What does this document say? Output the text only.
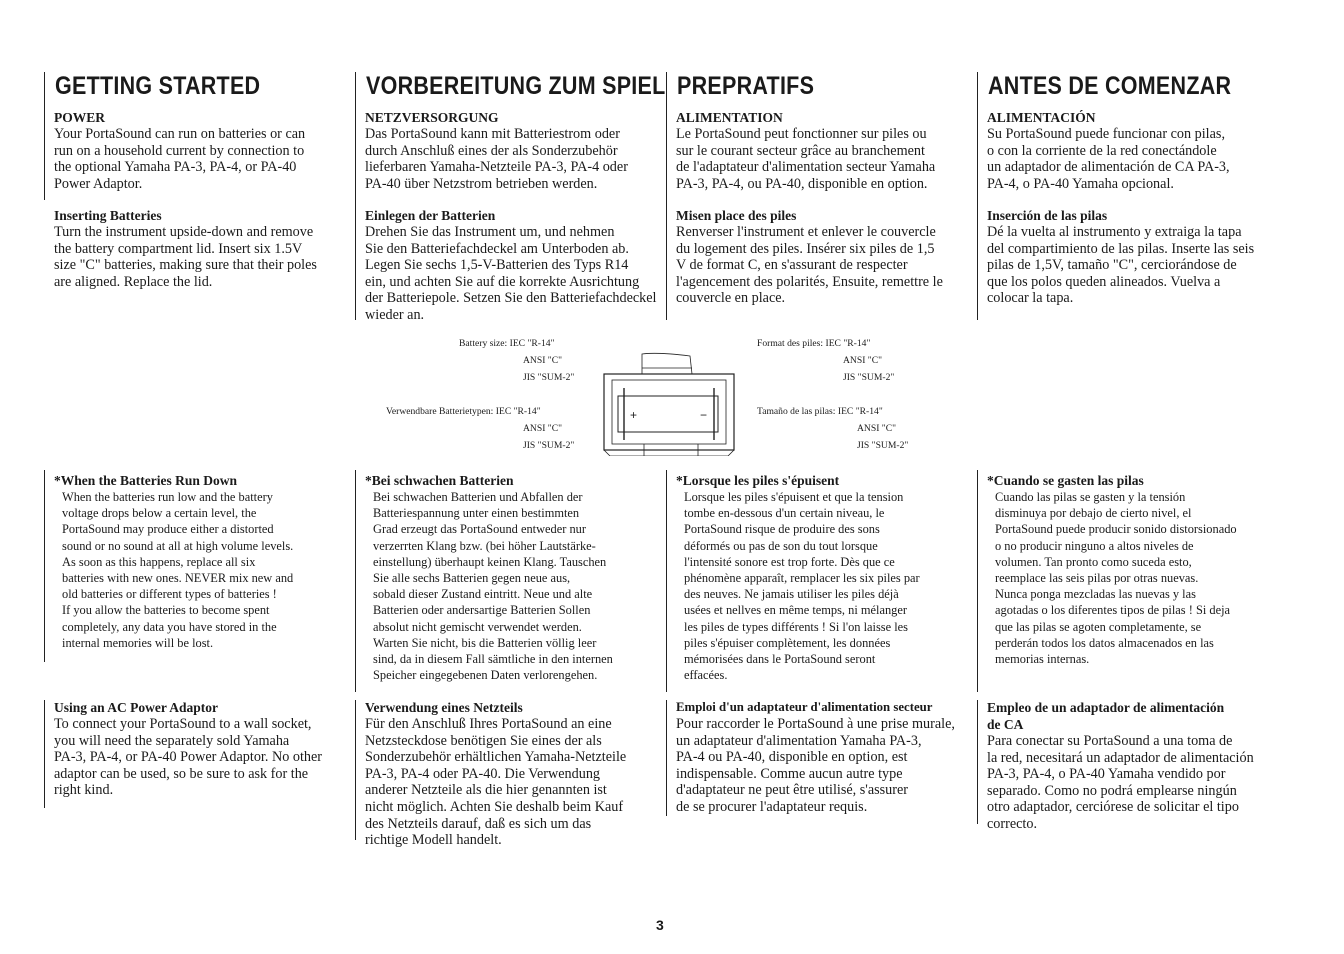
GETTING STARTED
POWER
Your PortaSound can run on batteries or can
run on a household current by connection to
the optional Yamaha PA-3, PA-4, or PA-40
Power Adaptor.
Inserting Batteries
Turn the instrument upside-down and remove
the battery compartment lid. Insert six 1.5V
size "C" batteries, making sure that their poles
are aligned. Replace the lid.
*When the Batteries Run Down
When the batteries run low and the battery
voltage drops below a certain level, the
PortaSound may produce either a distorted
sound or no sound at all at high volume levels.
As soon as this happens, replace all six
batteries with new ones. NEVER mix new and
old batteries or different types of batteries !
If you allow the batteries to become spent
completely, any data you have stored in the
internal memories will be lost.
Using an AC Power Adaptor
To connect your PortaSound to a wall socket,
you will need the separately sold Yamaha
PA-3, PA-4, or PA-40 Power Adaptor. No other
adaptor can be used, so be sure to ask for the
right kind.
VORBEREITUNG ZUM SPIEL
NETZVERSORGUNG
Das PortaSound kann mit Batteriestrom oder
durch Anschluß eines der als Sonderzubehör
lieferbaren Yamaha-Netzteile PA-3, PA-4 oder
PA-40 über Netzstrom betrieben werden.
Einlegen der Batterien
Drehen Sie das Instrument um, und nehmen
Sie den Batteriefachdeckel am Unterboden ab.
Legen Sie sechs 1,5-V-Batterien des Typs R14
ein, und achten Sie auf die korrekte Ausrichtung
der Batteriepole. Setzen Sie den Batteriefachdeckel
wieder an.
*Bei schwachen Batterien
Bei schwachen Batterien und Abfallen der
Batteriespannung unter einen bestimmten
Grad erzeugt das PortaSound entweder nur
verzerrten Klang bzw. (bei höher Lautstärke-
einstellung) überhaupt keinen Klang. Tauschen
Sie alle sechs Batterien gegen neue aus,
sobald dieser Zustand eintritt. Neue und alte
Batterien oder andersartige Batterien Sollen
absolut nicht gemischt verwendet werden.
Warten Sie nicht, bis die Batterien völlig leer
sind, da in diesem Fall sämtliche in den internen
Speicher eingegebenen Daten verlorengehen.
Verwendung eines Netzteils
Für den Anschluß Ihres PortaSound an eine
Netzsteckdose benötigen Sie eines der als
Sonderzubehör erhältlichen Yamaha-Netzteile
PA-3, PA-4 oder PA-40. Die Verwendung
anderer Netzteile als die hier genannten ist
nicht möglich. Achten Sie deshalb beim Kauf
des Netzteils darauf, daß es sich um das
richtige Modell handelt.
PREPRATIFS
ALIMENTATION
Le PortaSound peut fonctionner sur piles ou
sur le courant secteur grâce au branchement
de l'adaptateur d'alimentation secteur Yamaha
PA-3, PA-4, ou PA-40, disponible en option.
Misen place des piles
Renverser l'instrument et enlever le couvercle
du logement des piles. Insérer six piles de 1,5
V de format C, en s'assurant de respecter
l'agencement des polarités, Ensuite, remettre le
couvercle en place.
*Lorsque les piles s'épuisent
Lorsque les piles s'épuisent et que la tension
tombe en-dessous d'un certain niveau, le
PortaSound risque de produire des sons
déformés ou pas de son du tout lorsque
l'intensité sonore est trop forte. Dès que ce
phénomène apparaît, remplacer les six piles par
des neuves. Ne jamais utiliser les piles déjà
usées et nellves en même temps, ni mélanger
les piles de types différents ! Si l'on laisse les
piles s'épuiser complètement, les données
mémorisées dans le PortaSound seront
effacées.
Emploi d'un adaptateur d'alimentation secteur
Pour raccorder le PortaSound à une prise murale,
un adaptateur d'alimentation Yamaha PA-3,
PA-4 ou PA-40, disponible en option, est
indispensable. Comme aucun autre type
d'adaptateur ne peut être utilisé, s'assurer
de se procurer l'adaptateur requis.
ANTES DE COMENZAR
ALIMENTACIÓN
Su PortaSound puede funcionar con pilas,
o con la corriente de la red conectándole
un adaptador de alimentación de CA PA-3,
PA-4, o PA-40 Yamaha opcional.
Inserción de las pilas
Dé la vuelta al instrumento y extraiga la tapa
del compartimiento de las pilas. Inserte las seis
pilas de 1,5V, tamaño "C", cerciorándose de
que los polos queden alineados. Vuelva a
colocar la tapa.
*Cuando se gasten las pilas
Cuando las pilas se gasten y la tensión
disminuya por debajo de cierto nivel, el
PortaSound puede producir sonido distorsionado
o no producir ninguno a altos niveles de
volumen. Tan pronto como suceda esto,
reemplace las seis pilas por otras nuevas.
Nunca ponga mezcladas las nuevas y las
agotadas o los diferentes tipos de pilas ! Si deja
que las pilas se agoten completamente, se
perderán todos los datos almacenados en las
memorias internas.
Empleo de un adaptador de alimentación
de CA
Para conectar su PortaSound a una toma de
la red, necesitará un adaptador de alimentación
PA-3, PA-4, o PA-40 Yamaha vendido por
separado. Como no podrá emplearse ningún
otro adaptador, cerciórese de solicitar el tipo
correcto.
Battery size: IEC "R-14"
ANSI "C"
JIS "SUM-2"
Verwendbare Batterietypen: IEC "R-14"
ANSI "C"
JIS "SUM-2"
Format des piles: IEC "R-14"
ANSI "C"
JIS "SUM-2"
Tamaño de las pilas: IEC "R-14"
ANSI "C"
JIS "SUM-2"
+	−
3
